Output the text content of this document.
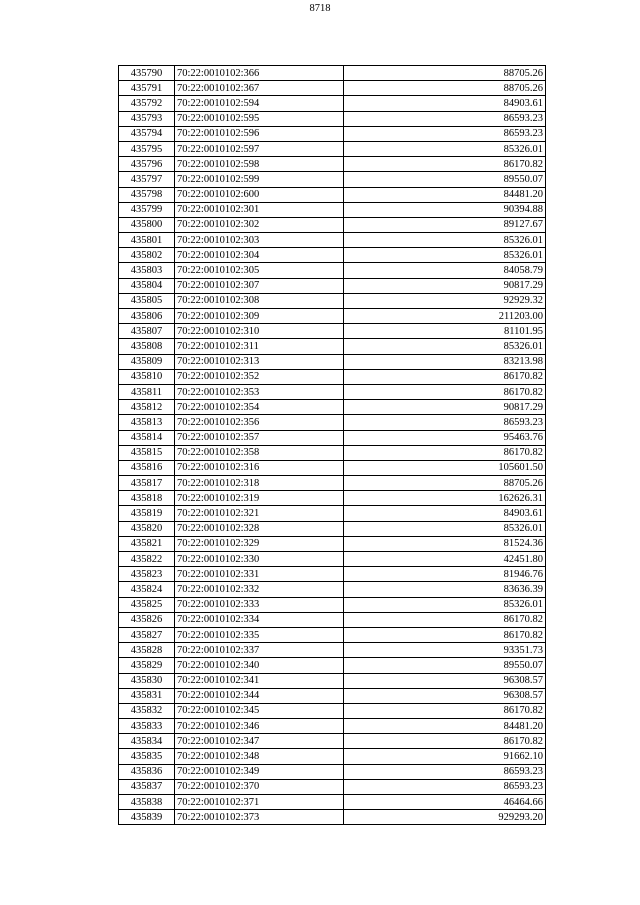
8718
435790	70:22:0010102:366	88705.26
435791	70:22:0010102:367	88705.26
435792	70:22:0010102:594	84903.61
435793	70:22:0010102:595	86593.23
435794	70:22:0010102:596	86593.23
435795	70:22:0010102:597	85326.01
435796	70:22:0010102:598	86170.82
435797	70:22:0010102:599	89550.07
435798	70:22:0010102:600	84481.20
435799	70:22:0010102:301	90394.88
435800	70:22:0010102:302	89127.67
435801	70:22:0010102:303	85326.01
435802	70:22:0010102:304	85326.01
435803	70:22:0010102:305	84058.79
435804	70:22:0010102:307	90817.29
435805	70:22:0010102:308	92929.32
435806	70:22:0010102:309	211203.00
435807	70:22:0010102:310	81101.95
435808	70:22:0010102:311	85326.01
435809	70:22:0010102:313	83213.98
435810	70:22:0010102:352	86170.82
435811	70:22:0010102:353	86170.82
435812	70:22:0010102:354	90817.29
435813	70:22:0010102:356	86593.23
435814	70:22:0010102:357	95463.76
435815	70:22:0010102:358	86170.82
435816	70:22:0010102:316	105601.50
435817	70:22:0010102:318	88705.26
435818	70:22:0010102:319	162626.31
435819	70:22:0010102:321	84903.61
435820	70:22:0010102:328	85326.01
435821	70:22:0010102:329	81524.36
435822	70:22:0010102:330	42451.80
435823	70:22:0010102:331	81946.76
435824	70:22:0010102:332	83636.39
435825	70:22:0010102:333	85326.01
435826	70:22:0010102:334	86170.82
435827	70:22:0010102:335	86170.82
435828	70:22:0010102:337	93351.73
435829	70:22:0010102:340	89550.07
435830	70:22:0010102:341	96308.57
435831	70:22:0010102:344	96308.57
435832	70:22:0010102:345	86170.82
435833	70:22:0010102:346	84481.20
435834	70:22:0010102:347	86170.82
435835	70:22:0010102:348	91662.10
435836	70:22:0010102:349	86593.23
435837	70:22:0010102:370	86593.23
435838	70:22:0010102:371	46464.66
435839	70:22:0010102:373	929293.20
